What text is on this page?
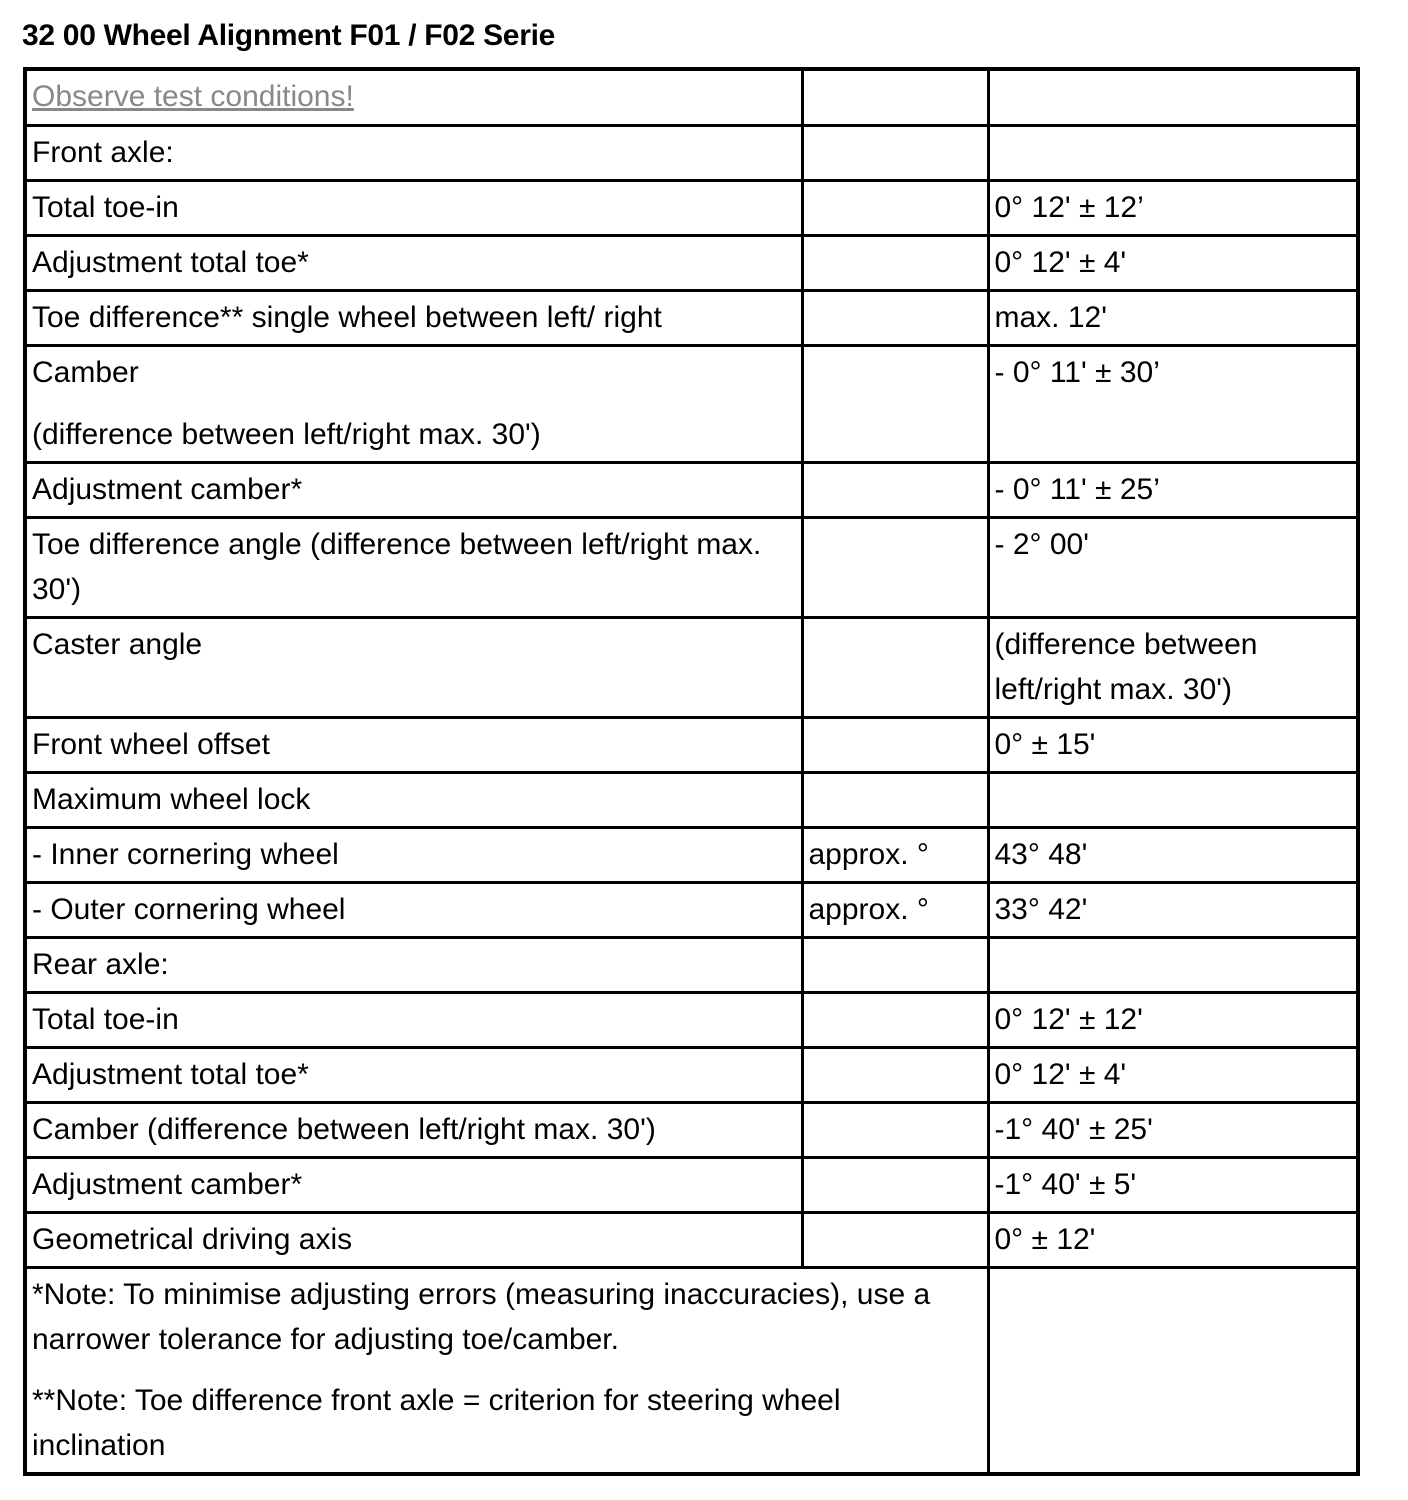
32 00 Wheel Alignment F01 / F02 Serie
Observe test conditions!		
Front axle:		
Total toe-in		0° 12' ± 12’
Adjustment total toe*		0° 12' ± 4'
Toe difference** single wheel between left/ right		max. 12'

Camber
(difference between left/right max. 30')		- 0° 11' ± 30’
Adjustment camber*		- 0° 11' ± 25’
Toe difference angle (difference between left/right max. 30')		- 2° 00'
Caster angle		(difference between left/right max. 30')
Front wheel offset		0° ± 15'
Maximum wheel lock		
- Inner cornering wheel	approx. °	43° 48'
- Outer cornering wheel	approx. °	33° 42'
Rear axle:		
Total toe-in		0° 12' ± 12'
Adjustment total toe*		0° 12' ± 4'
Camber (difference between left/right max. 30')		-1° 40' ± 25'
Adjustment camber*		-1° 40' ± 5'
Geometrical driving axis		0° ± 12'

*Note: To minimise adjusting errors (measuring inaccuracies), use a narrower tolerance for adjusting toe/camber.
**Note: Toe difference front axle = criterion for steering wheel inclination		
